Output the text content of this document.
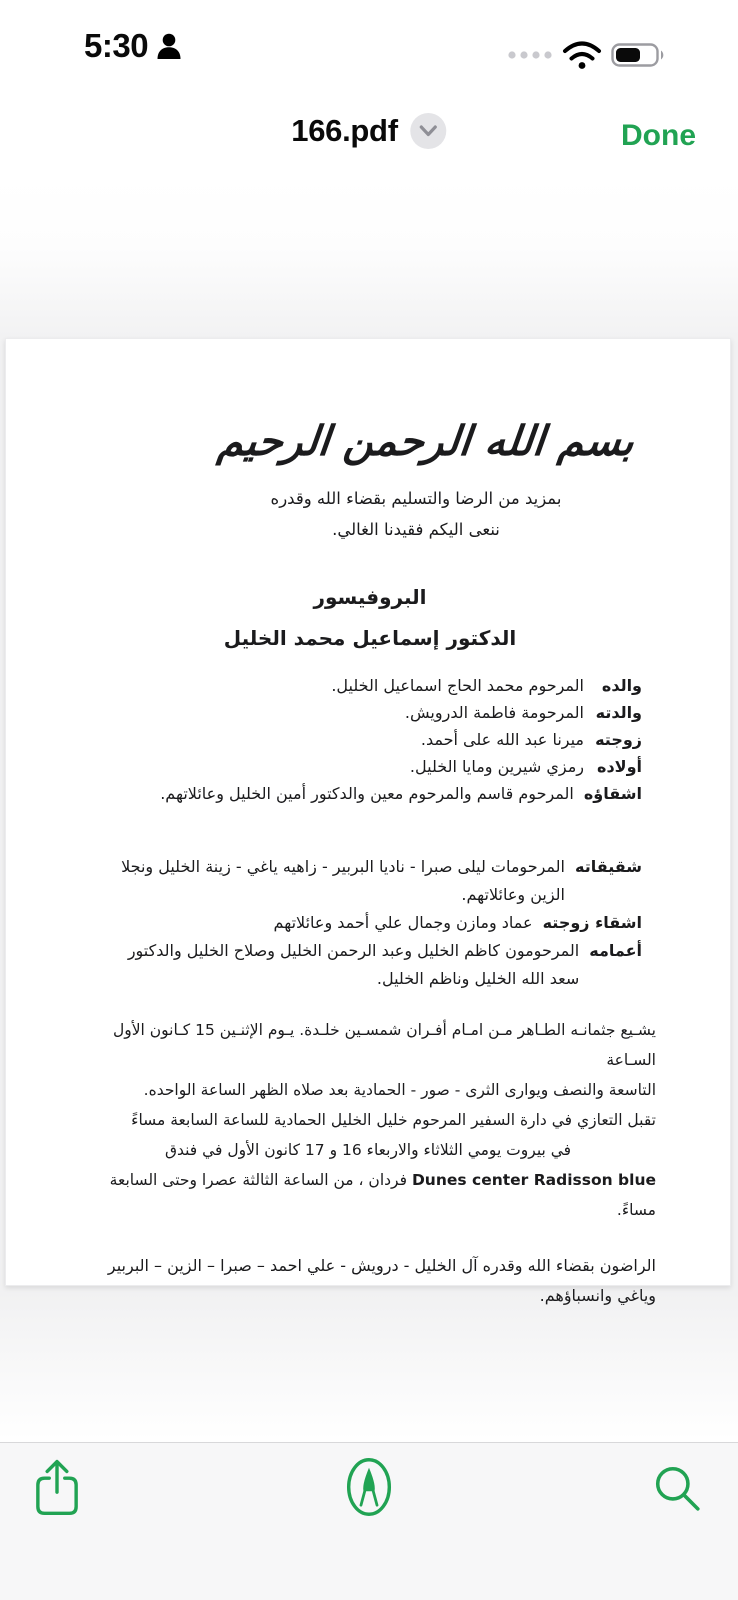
5:30
166.pdf	Done
بسم الله الرحمن الرحيم
بمزيد من الرضا والتسليم بقضاء الله وقدره
ننعى اليكم فقيدنا الغالي.
البروفيسور
الدكتور إسماعيل محمد الخليل
والده
المرحوم محمد الحاج اسماعيل الخليل.
والدته
المرحومة فاطمة الدرويش.
زوجته
ميرنا عبد الله على أحمد.
أولاده
رمزي شيرين ومايا الخليل.
اشقاؤه
المرحوم قاسم والمرحوم معين والدكتور أمين الخليل وعائلاتهم.
شقيقاته
المرحومات ليلى صبرا - ناديا البربير - زاهيه ياغي - زينة الخليل ونجلا الزين وعائلاتهم.
اشقاء زوجته
عماد ومازن وجمال علي أحمد وعائلاتهم
أعمامه
المرحومون كاظم الخليل وعبد الرحمن الخليل وصلاح الخليل والدكتور سعد الله الخليل وناظم الخليل.
يشـيع جثمانـه الطـاهر مـن امـام أفـران شمسـين خلـدة. يـوم الإثنـين 15 كـانون الأول السـاعة
التاسعة والنصف ويوارى الثرى - صور - الحمادية بعد صلاه الظهر الساعة الواحده.
تقبل التعازي في دارة السفير المرحوم خليل الخليل الحمادية للساعة السابعة مساءً
في بيروت يومي الثلاثاء والاربعاء 16 و 17 كانون الأول في فندق
Dunes center Radisson blue فردان ، من الساعة الثالثة عصرا وحتى السابعة مساءً.
الراضون بقضاء الله وقدره آل الخليل - درويش - علي احمد – صبرا – الزين – البربير وياغي وانسباؤهم.
